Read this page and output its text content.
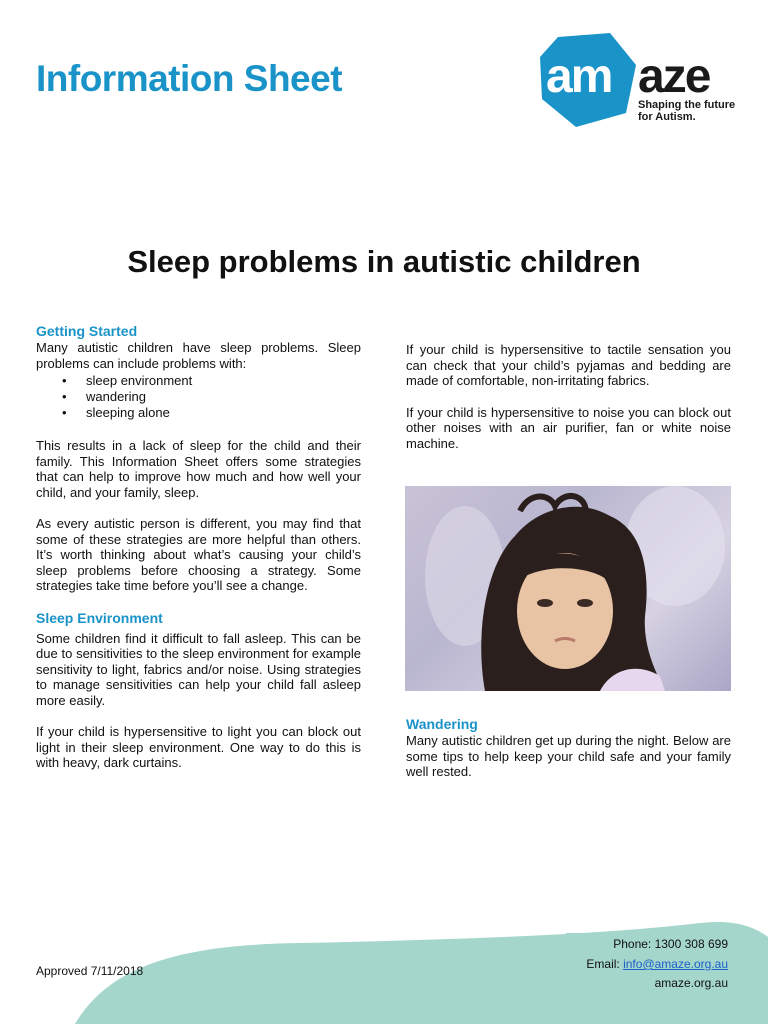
Information Sheet	am aze
Shaping the future for Autism.
Sleep problems in autistic children
Getting Started

Many autistic children have sleep problems. Sleep problems can include problems with:

• sleep environment
• wandering
• sleeping alone

This results in a lack of sleep for the child and their family. This Information Sheet offers some strategies that can help to improve how much and how well your child, and your family, sleep.

As every autistic person is different, you may find that some of these strategies are more helpful than others. It’s worth thinking about what’s causing your child’s sleep problems before choosing a strategy. Some strategies take time before you’ll see a change.

Sleep Environment

Some children find it difficult to fall asleep. This can be due to sensitivities to the sleep environment for example sensitivity to light, fabrics and/or noise. Using strategies to manage sensitivities can help your child fall asleep more easily.

If your child is hypersensitive to light you can block out light in their sleep environment. One way to do this is with heavy, dark curtains.

If your child is hypersensitive to tactile sensation you can check that your child’s pyjamas and bedding are made of comfortable, non-irritating fabrics.

If your child is hypersensitive to noise you can block out other noises with an air purifier, fan or white noise machine.

Wandering

Many autistic children get up during the night. Below are some tips to help keep your child safe and your family well rested.

Approved 7/11/2018
Phone: 1300 308 699
Email: info@amaze.org.au
amaze.org.au
